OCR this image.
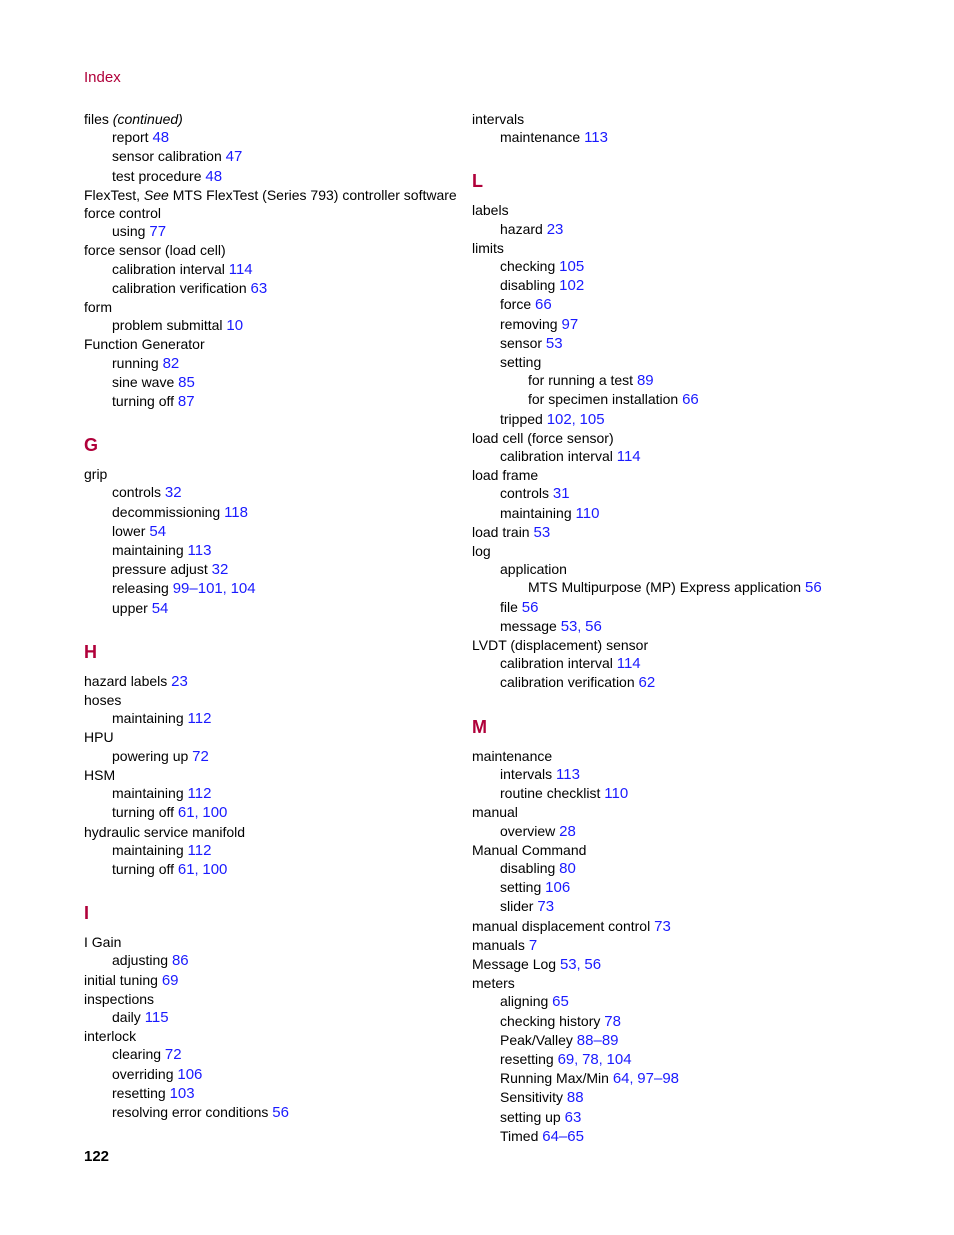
Index
files (continued)
report 48
sensor calibration 47
test procedure 48
FlexTest, See MTS FlexTest (Series 793) controller software
force control
using 77
force sensor (load cell)
calibration interval 114
calibration verification 63
form
problem submittal 10
Function Generator
running 82
sine wave 85
turning off 87
G
grip
controls 32
decommissioning 118
lower 54
maintaining 113
pressure adjust 32
releasing 99–101, 104
upper 54
H
hazard labels 23
hoses
maintaining 112
HPU
powering up 72
HSM
maintaining 112
turning off 61, 100
hydraulic service manifold
maintaining 112
turning off 61, 100
I
I Gain
adjusting 86
initial tuning 69
inspections
daily 115
interlock
clearing 72
overriding 106
resetting 103
resolving error conditions 56
intervals
maintenance 113
L
labels
hazard 23
limits
checking 105
disabling 102
force 66
removing 97
sensor 53
setting
for running a test 89
for specimen installation 66
tripped 102, 105
load cell (force sensor)
calibration interval 114
load frame
controls 31
maintaining 110
load train 53
log
application
MTS Multipurpose (MP) Express application 56
file 56
message 53, 56
LVDT (displacement) sensor
calibration interval 114
calibration verification 62
M
maintenance
intervals 113
routine checklist 110
manual
overview 28
Manual Command
disabling 80
setting 106
slider 73
manual displacement control 73
manuals 7
Message Log 53, 56
meters
aligning 65
checking history 78
Peak/Valley 88–89
resetting 69, 78, 104
Running Max/Min 64, 97–98
Sensitivity 88
setting up 63
Timed 64–65
122
